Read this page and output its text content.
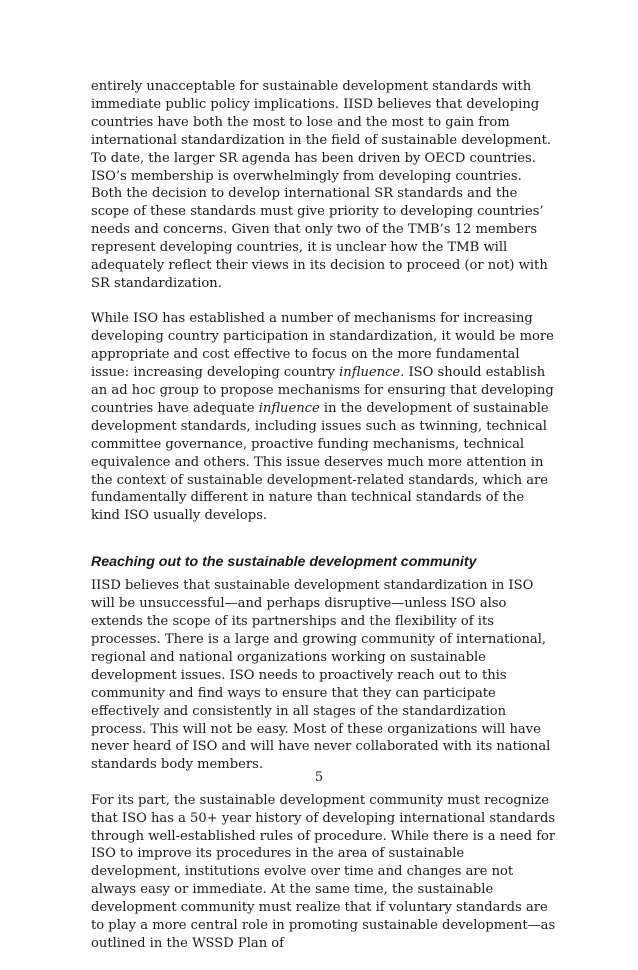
entirely unacceptable for sustainable development standards with immediate public policy implications. IISD believes that developing countries have both the most to lose and the most to gain from international standardization in the field of sustainable development. To date, the larger SR agenda has been driven by OECD countries. ISO’s membership is overwhelmingly from developing countries. Both the decision to develop international SR standards and the scope of these standards must give priority to developing countries’ needs and concerns. Given that only two of the TMB’s 12 members represent developing countries, it is unclear how the TMB will adequately reflect their views in its decision to proceed (or not) with SR standardization.

While ISO has established a number of mechanisms for increasing developing country participation in standardization, it would be more appropriate and cost effective to focus on the more fundamental issue: increasing developing country influence. ISO should establish an ad hoc group to propose mechanisms for ensuring that developing countries have adequate influence in the development of sustainable development standards, including issues such as twinning, technical committee governance, proactive funding mechanisms, technical equivalence and others. This issue deserves much more attention in the context of sustainable development-related standards, which are fundamentally different in nature than technical standards of the kind ISO usually develops.

Reaching out to the sustainable development community

IISD believes that sustainable development standardization in ISO will be unsuccessful—and perhaps disruptive—unless ISO also extends the scope of its partnerships and the flexibility of its processes. There is a large and growing community of international, regional and national organizations working on sustainable development issues. ISO needs to proactively reach out to this community and find ways to ensure that they can participate effectively and consistently in all stages of the standardization process. This will not be easy. Most of these organizations will have never heard of ISO and will have never collaborated with its national standards body members.

For its part, the sustainable development community must recognize that ISO has a 50+ year history of developing international standards through well-established rules of procedure. While there is a need for ISO to improve its procedures in the area of sustainable development, institutions evolve over time and changes are not always easy or immediate. At the same time, the sustainable development community must realize that if voluntary standards are to play a more central role in promoting sustainable development—as outlined in the WSSD Plan of

5
